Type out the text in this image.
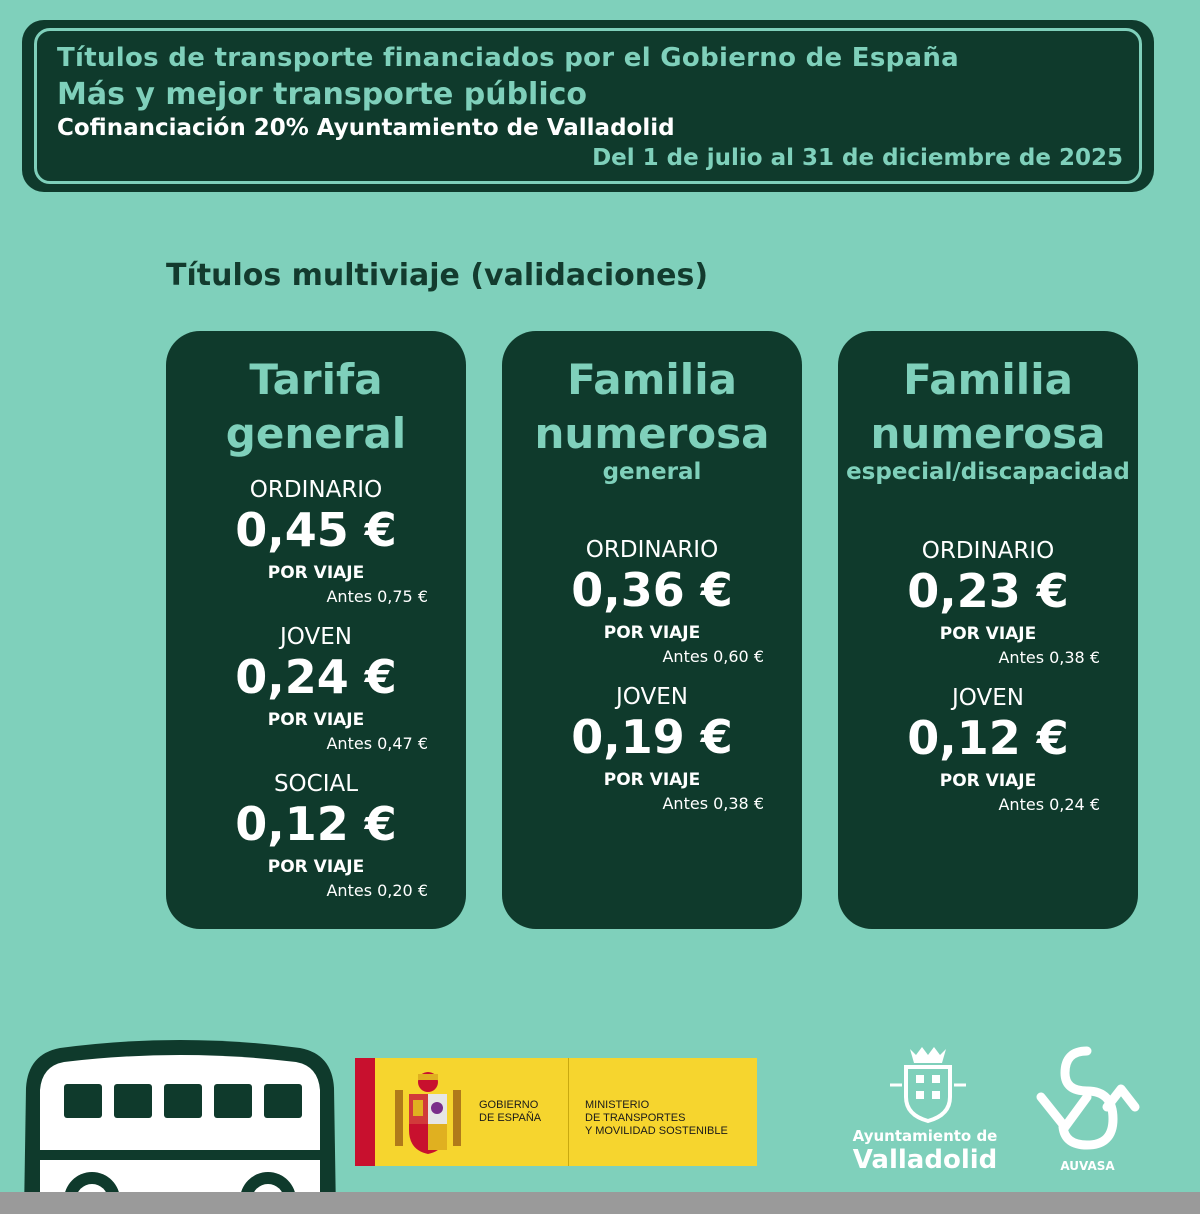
Títulos de transporte financiados por el Gobierno de España
Más y mejor transporte público
Cofinanciación 20% Ayuntamiento de Valladolid
Del 1 de julio al 31 de diciembre de 2025
Títulos multiviaje (validaciones)
Tarifa
general
ORDINARIO
0,45 €
POR VIAJE
Antes 0,75 €
JOVEN
0,24 €
POR VIAJE
Antes 0,47 €
SOCIAL
0,12 €
POR VIAJE
Antes 0,20 €
Familia
numerosa
general
ORDINARIO
0,36 €
POR VIAJE
Antes 0,60 €
JOVEN
0,19 €
POR VIAJE
Antes 0,38 €
Familia
numerosa
especial/discapacidad
ORDINARIO
0,23 €
POR VIAJE
Antes 0,38 €
JOVEN
0,12 €
POR VIAJE
Antes 0,24 €
GOBIERNO
DE ESPAÑA
MINISTERIO
DE TRANSPORTES
Y MOVILIDAD SOSTENIBLE	Ayuntamiento de
Valladolid	AUVASA
